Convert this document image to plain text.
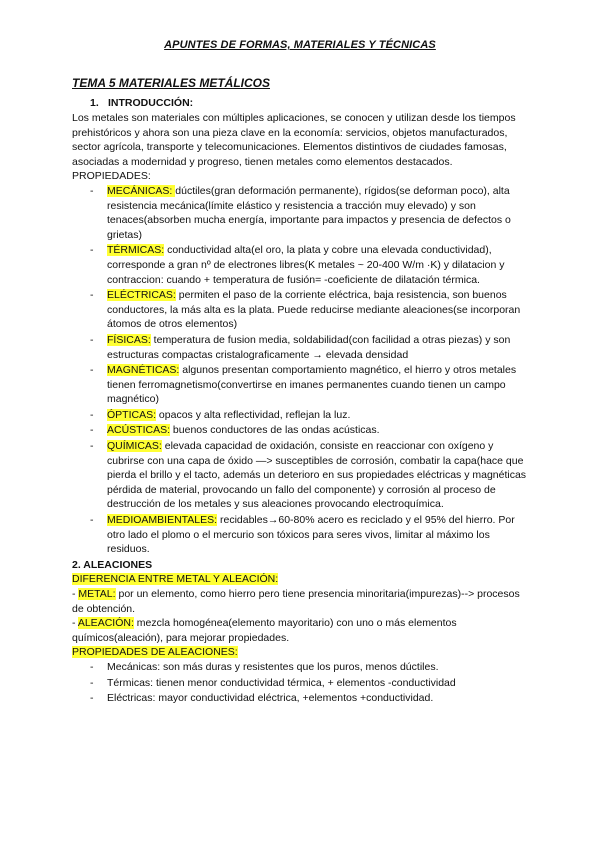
APUNTES DE FORMAS, MATERIALES Y TÉCNICAS
TEMA 5 MATERIALES METÁLICOS
1. INTRODUCCIÓN:

Los metales son materiales con múltiples aplicaciones, se conocen y utilizan desde los tiempos prehistóricos y ahora son una pieza clave en la economía: servicios, objetos manufacturados, sector agrícola, transporte y telecomunicaciones. Elementos distintivos de ciudades famosas, asociadas a modernidad y progreso, tienen metales como elementos destacados.

PROPIEDADES:

- MECÁNICAS: dúctiles(gran deformación permanente), rígidos(se deforman poco), alta resistencia mecánica(límite elástico y resistencia a tracción muy elevado) y son tenaces(absorben mucha energía, importante para impactos y presencia de defectos o grietas)
- TÉRMICAS: conductividad alta(el oro, la plata y cobre una elevada conductividad), corresponde a gran nº de electrones libres(K metales ~ 20-400 W/m ·K) y dilatacion y contraccion: cuando + temperatura de fusión= -coeficiente de dilatación térmica.
- ELÉCTRICAS: permiten el paso de la corriente eléctrica, baja resistencia, son buenos conductores, la más alta es la plata. Puede reducirse mediante aleaciones(se incorporan átomos de otros elementos)
- FÍSICAS: temperatura de fusion media, soldabilidad(con facilidad a otras piezas) y son estructuras compactas cristalograficamente → elevada densidad
- MAGNÉTICAS: algunos presentan comportamiento magnético, el hierro y otros metales tienen ferromagnetismo(convertirse en imanes permanentes cuando tienen un campo magnético)
- ÓPTICAS: opacos y alta reflectividad, reflejan la luz.
- ACÚSTICAS: buenos conductores de las ondas acústicas.
- QUÍMICAS: elevada capacidad de oxidación, consiste en reaccionar con oxígeno y cubrirse con una capa de óxido —> susceptibles de corrosión, combatir la capa(hace que pierda el brillo y el tacto, además un deterioro en sus propiedades eléctricas y magnéticas pérdida de material, provocando un fallo del componente) y corrosión al proceso de destrucción de los metales y sus aleaciones provocando electroquímica.
- MEDIOAMBIENTALES: recidables→60-80% acero es reciclado y el 95% del hierro. Por otro lado el plomo o el mercurio son tóxicos para seres vivos, limitar al máximo los residuos.

2. ALEACIONES

DIFERENCIA ENTRE METAL Y ALEACIÓN:

- METAL: por un elemento, como hierro pero tiene presencia minoritaria(impurezas)--> procesos de obtención.

- ALEACIÓN: mezcla homogénea(elemento mayoritario) con uno o más elementos químicos(aleación), para mejorar propiedades.

PROPIEDADES DE ALEACIONES:

- Mecánicas: son más duras y resistentes que los puros, menos dúctiles.
- Térmicas: tienen menor conductividad térmica, + elementos -conductividad
- Eléctricas: mayor conductividad eléctrica, +elementos +conductividad.
